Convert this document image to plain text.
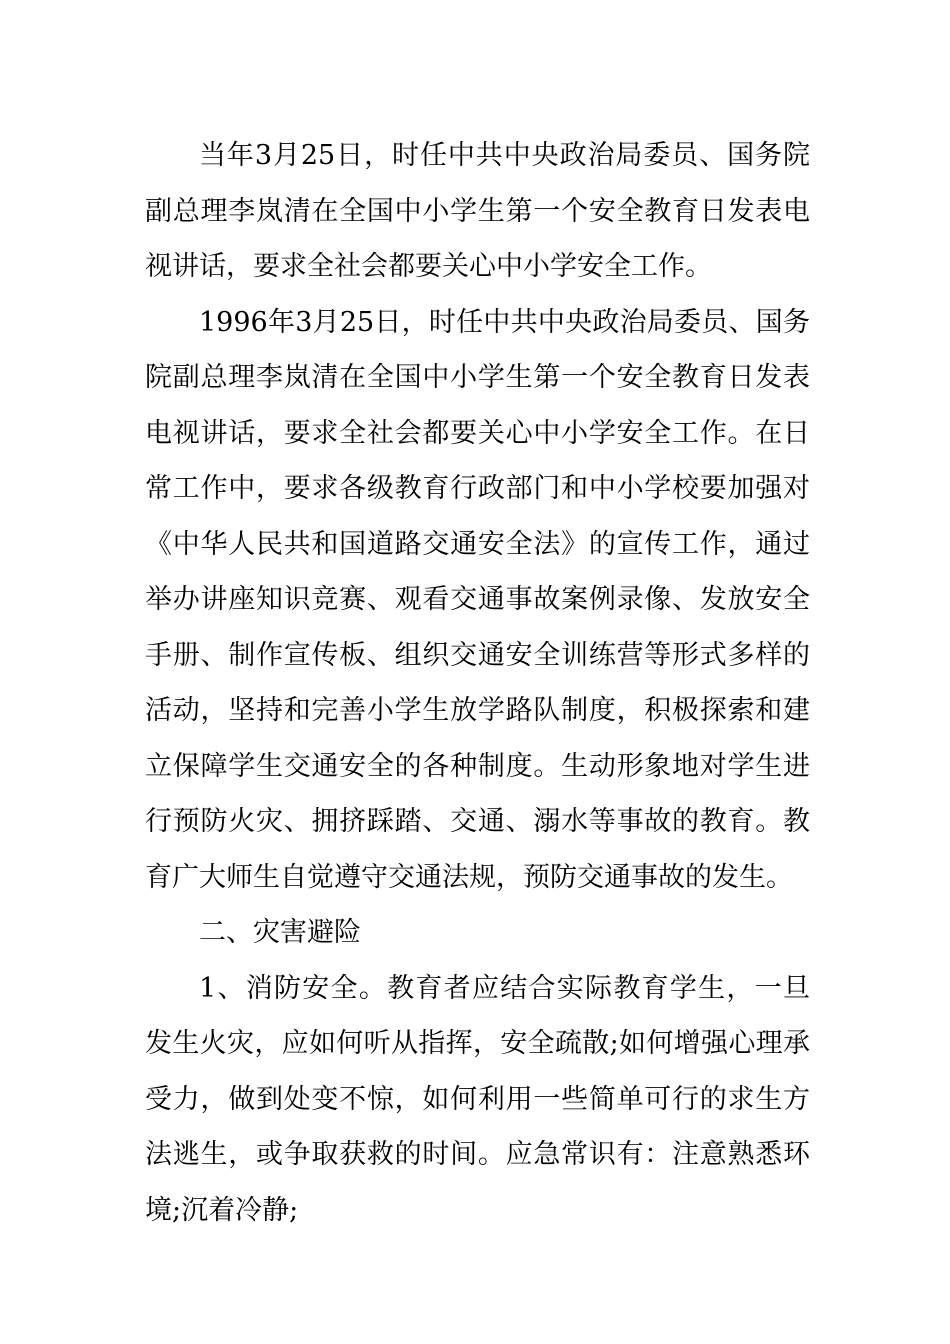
当年3月25日，时任中共中央政治局委员、国务院副总理李岚清在全国中小学生第一个安全教育日发表电视讲话，要求全社会都要关心中小学安全工作。

1996年3月25日，时任中共中央政治局委员、国务院副总理李岚清在全国中小学生第一个安全教育日发表电视讲话，要求全社会都要关心中小学安全工作。在日常工作中，要求各级教育行政部门和中小学校要加强对《中华人民共和国道路交通安全法》的宣传工作，通过举办讲座知识竞赛、观看交通事故案例录像、发放安全手册、制作宣传板、组织交通安全训练营等形式多样的活动，坚持和完善小学生放学路队制度，积极探索和建立保障学生交通安全的各种制度。生动形象地对学生进行预防火灾、拥挤踩踏、交通、溺水等事故的教育。教育广大师生自觉遵守交通法规，预防交通事故的发生。

二、灾害避险

1、消防安全。教育者应结合实际教育学生，一旦发生火灾，应如何听从指挥，安全疏散;如何增强心理承受力，做到处变不惊，如何利用一些简单可行的求生方法逃生，或争取获救的时间。应急常识有：注意熟悉环境;沉着冷静;
